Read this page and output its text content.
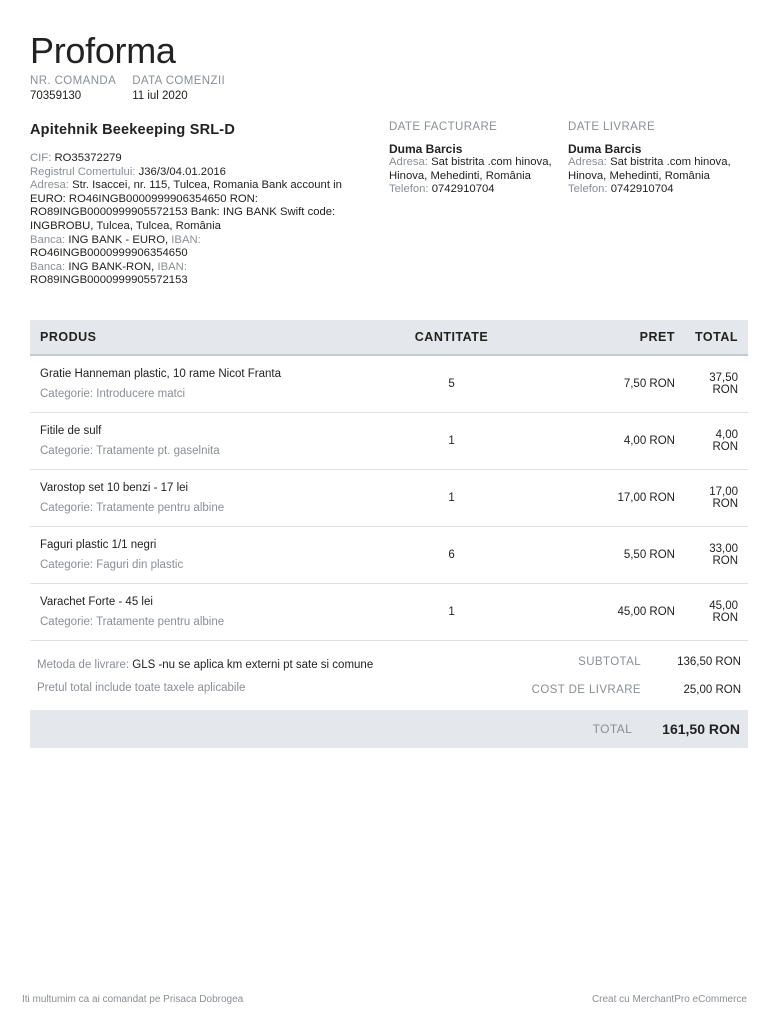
Proforma
NR. COMANDA
70359130
DATA COMENZII
11 iul 2020
Apitehnik Beekeeping SRL-D
CIF: RO35372279
Registrul Comertului: J36/3/04.01.2016
Adresa: Str. Isaccei, nr. 115, Tulcea, Romania Bank account in EURO: RO46INGB0000999906354650 RON: RO89INGB0000999905572153 Bank: ING BANK Swift code: INGBROBU, Tulcea, Tulcea, România
Banca: ING BANK - EURO, IBAN:
RO46INGB0000999906354650
Banca: ING BANK-RON, IBAN:
RO89INGB0000999905572153
DATE FACTURARE
Duma Barcis
Adresa: Sat bistrita .com hinova, Hinova, Mehedinti, România
Telefon: 0742910704
DATE LIVRARE
Duma Barcis
Adresa: Sat bistrita .com hinova, Hinova, Mehedinti, România
Telefon: 0742910704
PRODUS	CANTITATE	PRET	TOTAL

Gratie Hanneman plastic, 10 rame Nicot Franta
Categorie: Introducere matci	5	7,50 RON	37,50 RON

Fitile de sulf
Categorie: Tratamente pt. gaselnita	1	4,00 RON	4,00 RON

Varostop set 10 benzi - 17 lei
Categorie: Tratamente pentru albine	1	17,00 RON	17,00 RON

Faguri plastic 1/1 negri
Categorie: Faguri din plastic	6	5,50 RON	33,00 RON

Varachet Forte - 45 lei
Categorie: Tratamente pentru albine	1	45,00 RON	45,00 RON
Metoda de livrare: GLS -nu se aplica km externi pt sate si comune
Pretul total include toate taxele aplicabile
SUBTOTAL	136,50 RON
COST DE LIVRARE	25,00 RON
TOTAL 161,50 RON
Iti multumim ca ai comandat pe Prisaca Dobrogea	Creat cu MerchantPro eCommerce
